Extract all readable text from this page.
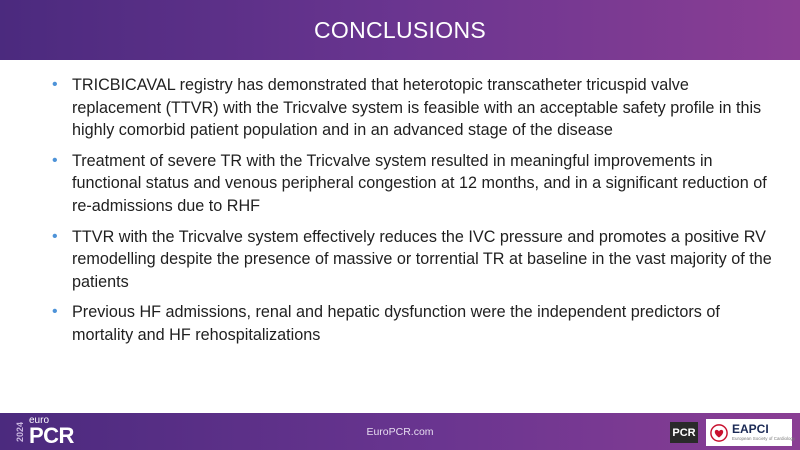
CONCLUSIONS
• TRICBICAVAL registry has demonstrated that heterotopic transcatheter tricuspid valve replacement (TTVR) with the Tricvalve system is feasible with an acceptable safety profile in this highly comorbid patient population and in an advanced stage of the disease
• Treatment of severe TR with the Tricvalve system resulted in meaningful improvements in functional status and venous peripheral congestion at 12 months, and in a significant reduction of re-admissions due to RHF
• TTVR with the Tricvalve system effectively reduces the IVC pressure and promotes a positive RV remodelling despite the presence of massive or torrential TR at baseline in the vast majority of the patients
• Previous HF admissions, renal and hepatic dysfunction were the independent predictors of mortality and HF rehospitalizations
2024
euro
PCR	EuroPCR.com	PCR	EAPCI
European Society of Cardiology
